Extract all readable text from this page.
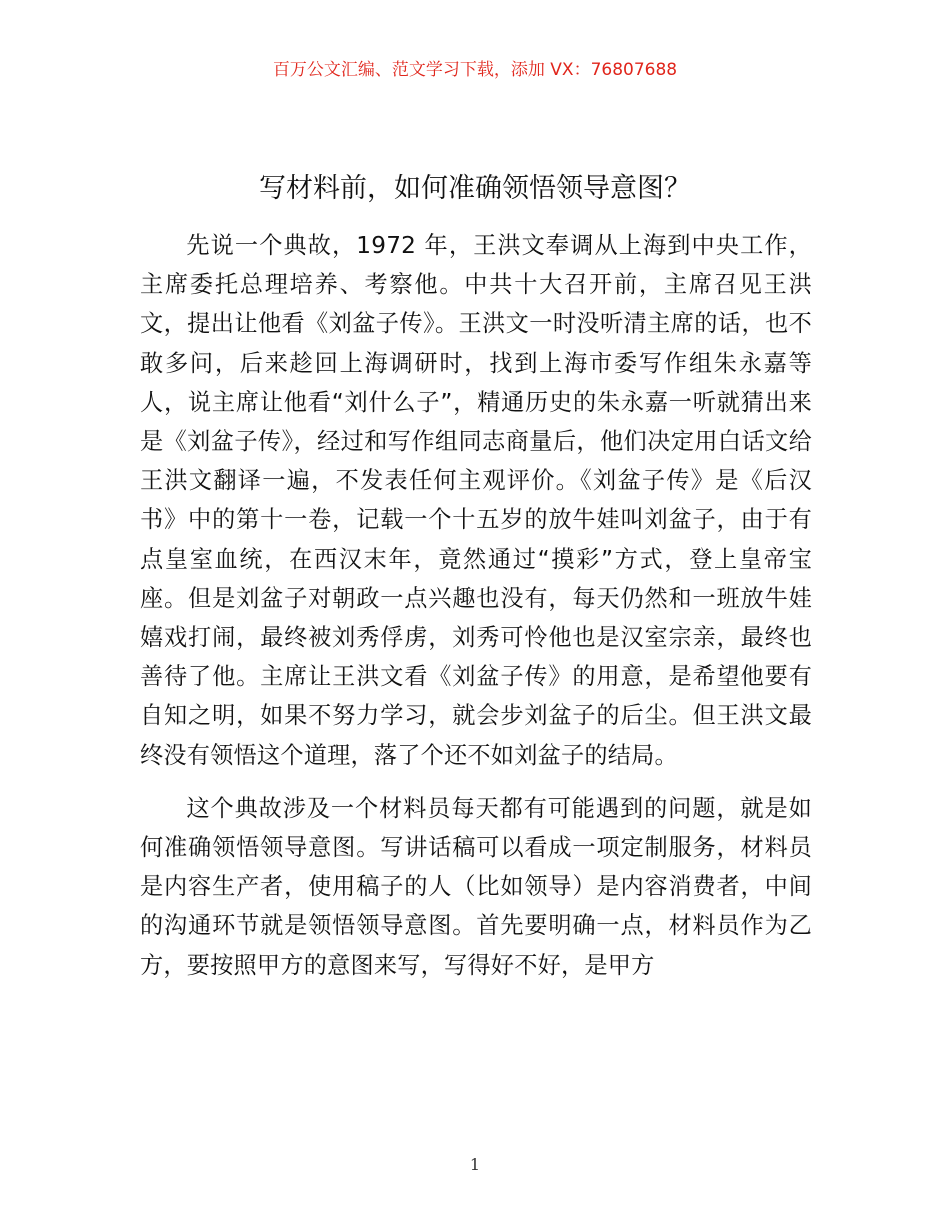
百万公文汇编、范文学习下载，添加 VX：76807688
写材料前，如何准确领悟领导意图？

先说一个典故，1972 年，王洪文奉调从上海到中央工作，主席委托总理培养、考察他。中共十大召开前，主席召见王洪文，提出让他看《刘盆子传》。王洪文一时没听清主席的话，也不敢多问，后来趁回上海调研时，找到上海市委写作组朱永嘉等人，说主席让他看“刘什么子”，精通历史的朱永嘉一听就猜出来是《刘盆子传》，经过和写作组同志商量后，他们决定用白话文给王洪文翻译一遍，不发表任何主观评价。《刘盆子传》是《后汉书》中的第十一卷，记载一个十五岁的放牛娃叫刘盆子，由于有点皇室血统，在西汉末年，竟然通过“摸彩”方式，登上皇帝宝座。但是刘盆子对朝政一点兴趣也没有，每天仍然和一班放牛娃嬉戏打闹，最终被刘秀俘虏，刘秀可怜他也是汉室宗亲，最终也善待了他。主席让王洪文看《刘盆子传》的用意，是希望他要有自知之明，如果不努力学习，就会步刘盆子的后尘。但王洪文最终没有领悟这个道理，落了个还不如刘盆子的结局。

这个典故涉及一个材料员每天都有可能遇到的问题，就是如何准确领悟领导意图。写讲话稿可以看成一项定制服务，材料员是内容生产者，使用稿子的人（比如领导）是内容消费者，中间的沟通环节就是领悟领导意图。首先要明确一点，材料员作为乙方，要按照甲方的意图来写，写得好不好，是甲方

1
